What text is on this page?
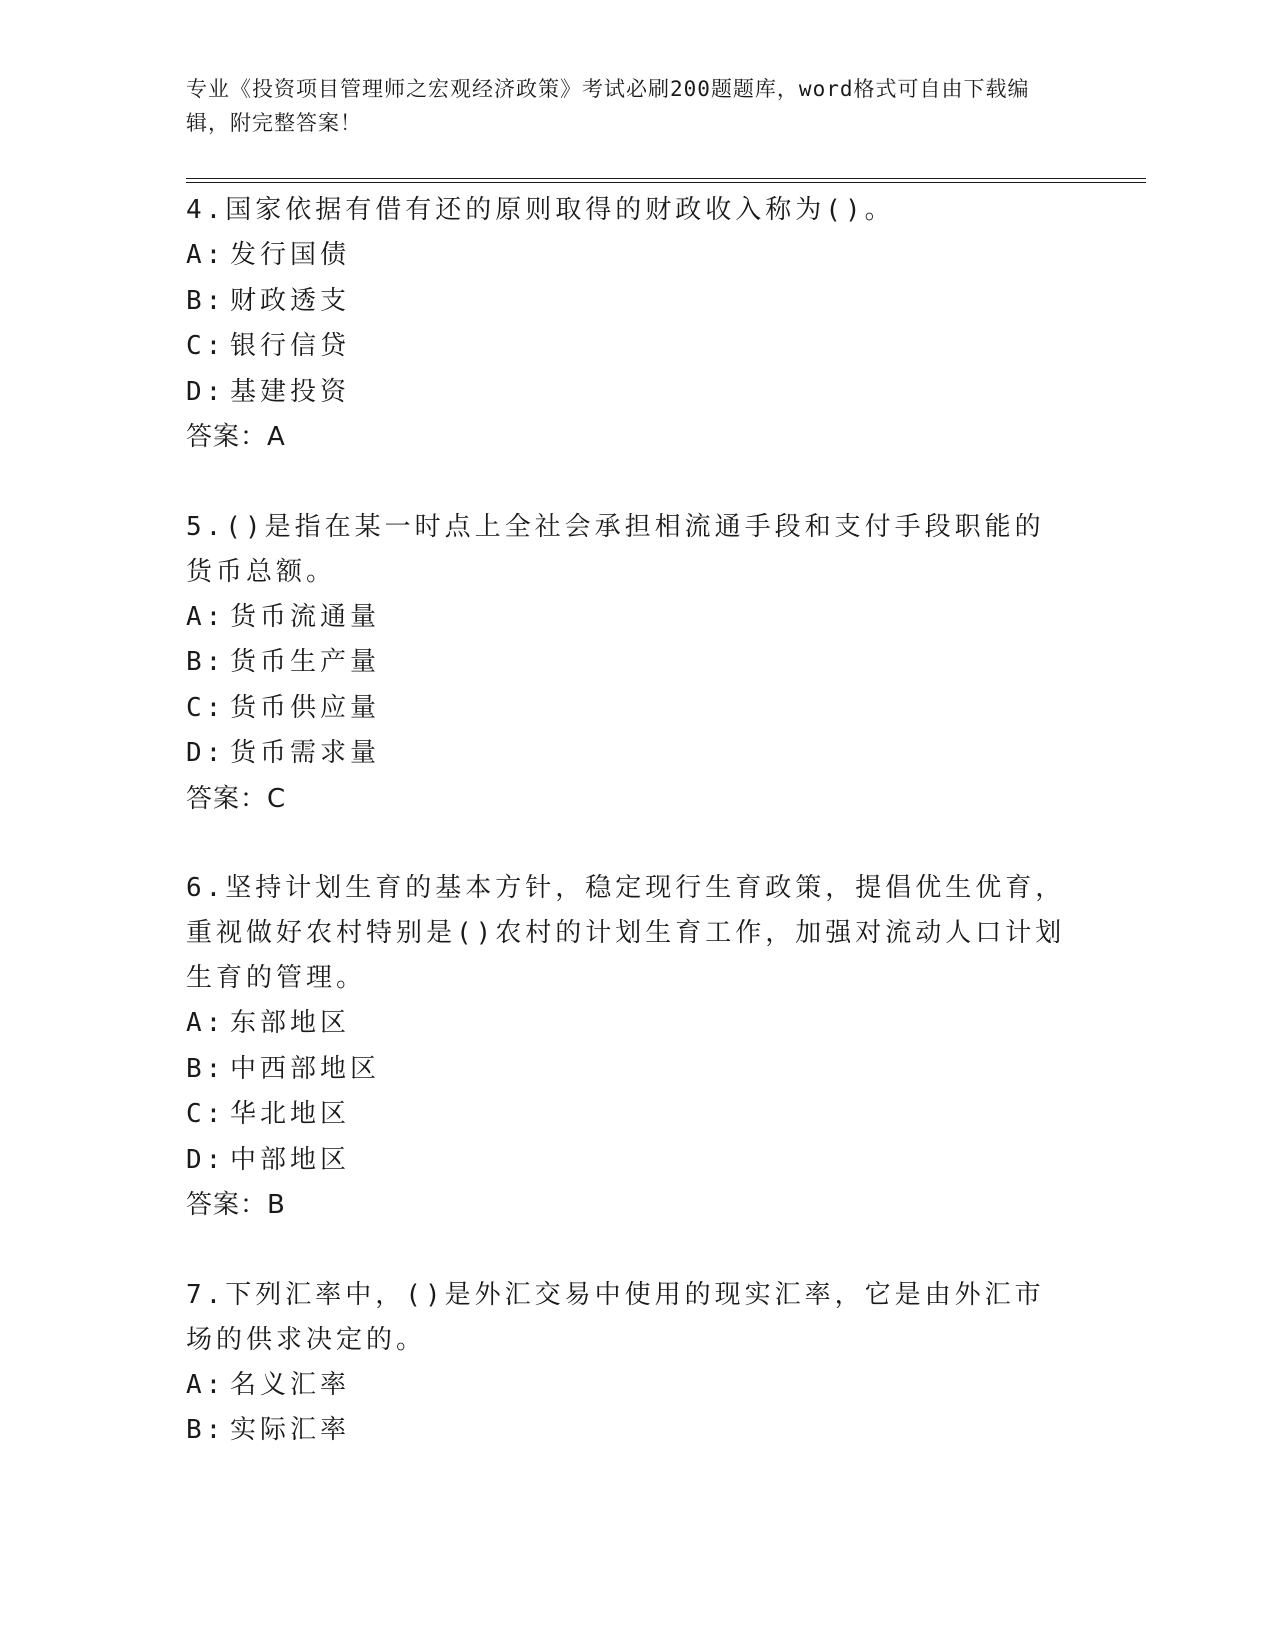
专业《投资项目管理师之宏观经济政策》考试必刷200题题库，word格式可自由下载编辑，附完整答案！

4.国家依据有借有还的原则取得的财政收入称为()。

A: 发行国债
B: 财政透支
C: 银行信贷
D: 基建投资

答案：A

5.()是指在某一时点上全社会承担相流通手段和支付手段职能的货币总额。

A: 货币流通量
B: 货币生产量
C: 货币供应量
D: 货币需求量

答案：C

6.坚持计划生育的基本方针，稳定现行生育政策，提倡优生优育，重视做好农村特别是()农村的计划生育工作，加强对流动人口计划生育的管理。

A: 东部地区
B: 中西部地区
C: 华北地区
D: 中部地区

答案：B

7.下列汇率中，()是外汇交易中使用的现实汇率，它是由外汇市场的供求决定的。

A: 名义汇率
B: 实际汇率
